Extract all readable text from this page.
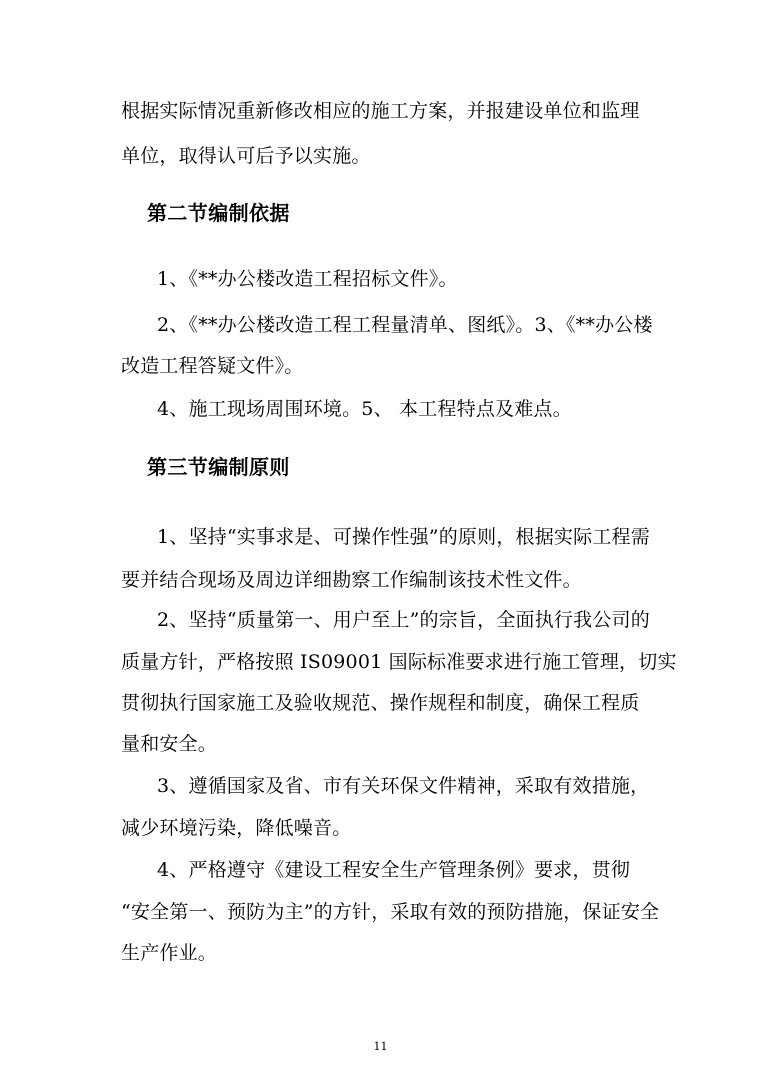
根据实际情况重新修改相应的施工方案，并报建设单位和监理
单位，取得认可后予以实施。
第二节编制依据
1、《**办公楼改造工程招标文件》。
2、《**办公楼改造工程工程量清单、图纸》。3、《**办公楼
改造工程答疑文件》。
4、施工现场周围环境。5、 本工程特点及难点。
第三节编制原则
1、坚持“实事求是、可操作性强”的原则，根据实际工程需
要并结合现场及周边详细勘察工作编制该技术性文件。
2、坚持“质量第一、用户至上”的宗旨，全面执行我公司的
质量方针，严格按照 IS09001 国际标准要求进行施工管理，切实
贯彻执行国家施工及验收规范、操作规程和制度，确保工程质
量和安全。
3、遵循国家及省、市有关环保文件精神，采取有效措施，
减少环境污染，降低噪音。
4、严格遵守《建设工程安全生产管理条例》要求，贯彻
“安全第一、预防为主”的方针，采取有效的预防措施，保证安全
生产作业。
11
